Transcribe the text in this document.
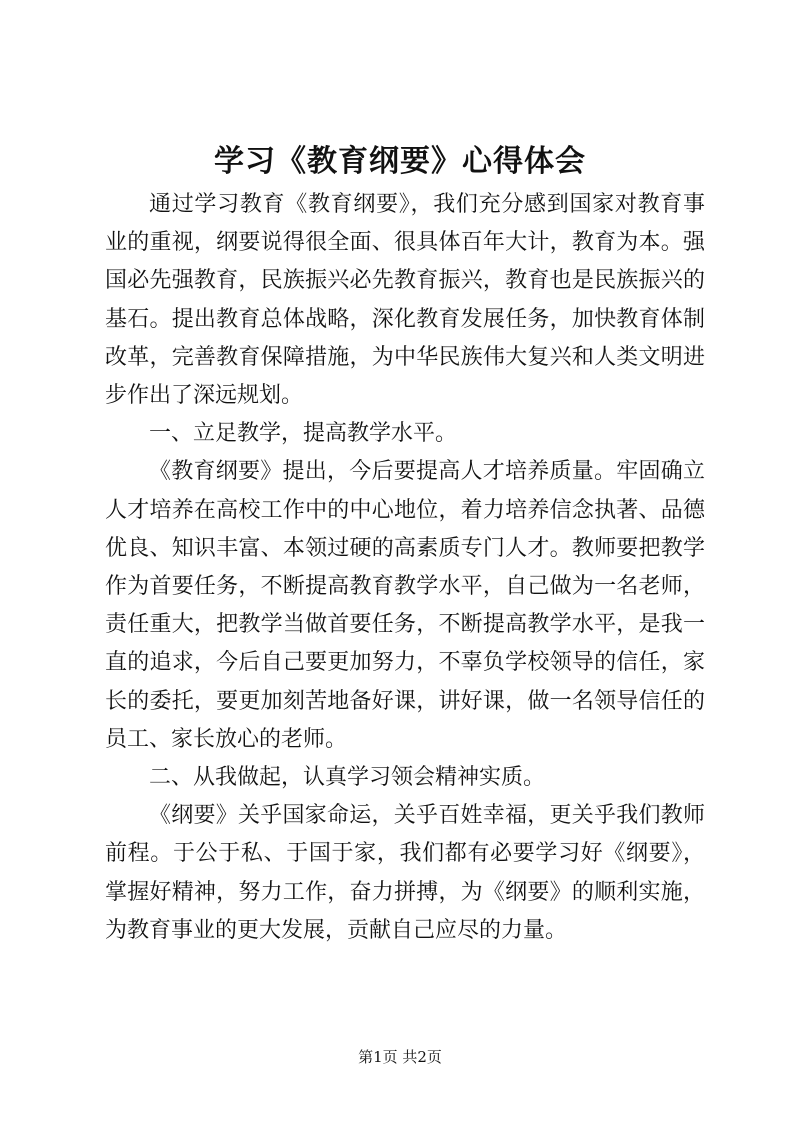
学习《教育纲要》心得体会

通过学习教育《教育纲要》，我们充分感到国家对教育事业的重视，纲要说得很全面、很具体百年大计，教育为本。强国必先强教育，民族振兴必先教育振兴，教育也是民族振兴的基石。提出教育总体战略，深化教育发展任务，加快教育体制改革，完善教育保障措施，为中华民族伟大复兴和人类文明进步作出了深远规划。

一、立足教学，提高教学水平。

《教育纲要》提出，今后要提高人才培养质量。牢固确立人才培养在高校工作中的中心地位，着力培养信念执著、品德优良、知识丰富、本领过硬的高素质专门人才。教师要把教学作为首要任务，不断提高教育教学水平，自己做为一名老师，责任重大，把教学当做首要任务，不断提高教学水平，是我一直的追求，今后自己要更加努力，不辜负学校领导的信任，家长的委托，要更加刻苦地备好课，讲好课，做一名领导信任的员工、家长放心的老师。

二、从我做起，认真学习领会精神实质。

《纲要》关乎国家命运，关乎百姓幸福，更关乎我们教师前程。于公于私、于国于家，我们都有必要学习好《纲要》，掌握好精神，努力工作，奋力拼搏，为《纲要》的顺利实施，为教育事业的更大发展，贡献自己应尽的力量。

第1页 共2页
